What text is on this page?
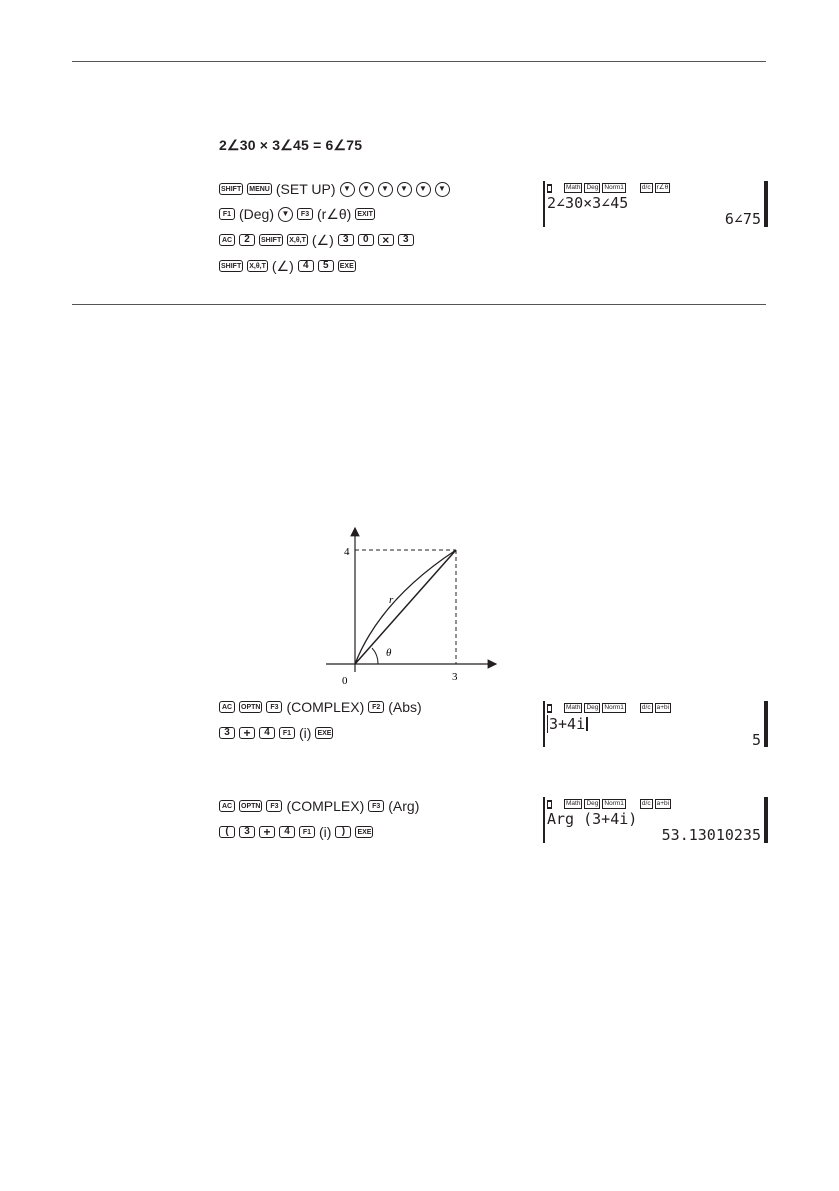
2∠30 × 3∠45 = 6∠75
SHIFT MENU (SET UP) ▼	▼	▼	▼	▼	▼
F1 (Deg) ▼	F3 (r∠θ) EXIT
AC	2	SHIFT X,θ,T (∠) 3	0	×	3
SHIFT X,θ,T (∠) 4	5	EXE
Math Deg Norm1	d/c r∠θ
2∠30×3∠45
6∠75
4
3
0
r
θ
AC	OPTN	F3 (COMPLEX)	F2 (Abs)
3	+	4	F1 (i) EXE
Math Deg Norm1	d/c a+bi
3+4i
5
AC	OPTN	F3 (COMPLEX)	F3 (Arg)
(	3	+	4	F1 (i)	)	EXE
Math Deg Norm1	d/c a+bi
Arg (3+4i)
53.13010235
